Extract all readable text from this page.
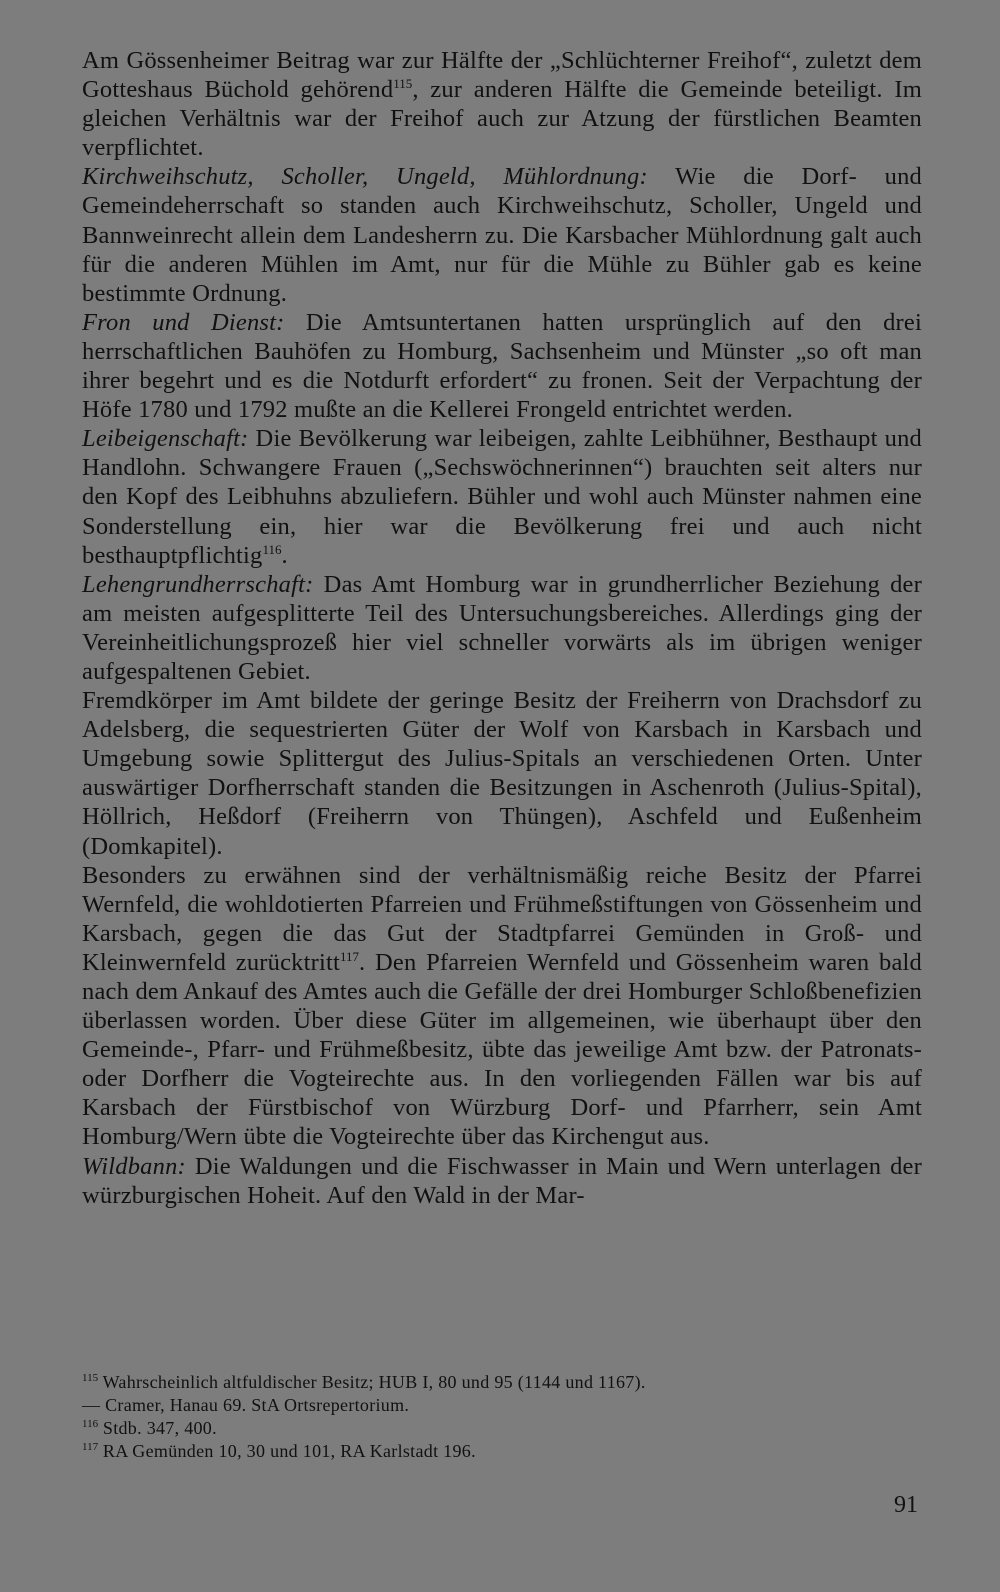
Am Gössenheimer Beitrag war zur Hälfte der „Schlüchterner Freihof“, zuletzt dem Gotteshaus Büchold gehörend$^{115}$, zur anderen Hälfte die Gemeinde beteiligt. Im gleichen Verhältnis war der Freihof auch zur Atzung der fürstlichen Beamten verpflichtet.

Kirchweihschutz, Scholler, Ungeld, Mühlordnung: Wie die Dorf- und Gemeindeherrschaft so standen auch Kirchweihschutz, Scholler, Ungeld und Bannweinrecht allein dem Landesherrn zu. Die Karsbacher Mühlordnung galt auch für die anderen Mühlen im Amt, nur für die Mühle zu Bühler gab es keine bestimmte Ordnung.

Fron und Dienst: Die Amtsuntertanen hatten ursprünglich auf den drei herrschaftlichen Bauhöfen zu Homburg, Sachsenheim und Münster „so oft man ihrer begehrt und es die Notdurft erfordert“ zu fronen. Seit der Verpachtung der Höfe 1780 und 1792 mußte an die Kellerei Frongeld entrichtet werden.

Leibeigenschaft: Die Bevölkerung war leibeigen, zahlte Leibhühner, Besthaupt und Handlohn. Schwangere Frauen („Sechswöchnerinnen“) brauchten seit alters nur den Kopf des Leibhuhns abzuliefern. Bühler und wohl auch Münster nahmen eine Sonderstellung ein, hier war die Bevölkerung frei und auch nicht besthauptpflichtig$^{116}$.

Lehengrundherrschaft: Das Amt Homburg war in grundherrlicher Beziehung der am meisten aufgesplitterte Teil des Untersuchungsbereiches. Allerdings ging der Vereinheitlichungsprozeß hier viel schneller vorwärts als im übrigen weniger aufgespaltenen Gebiet.

Fremdkörper im Amt bildete der geringe Besitz der Freiherrn von Drachsdorf zu Adelsberg, die sequestrierten Güter der Wolf von Karsbach in Karsbach und Umgebung sowie Splittergut des Julius-Spitals an verschiedenen Orten. Unter auswärtiger Dorfherrschaft standen die Besitzungen in Aschenroth (Julius-Spital), Höllrich, Heßdorf (Freiherrn von Thüngen), Aschfeld und Eußenheim (Domkapitel).

Besonders zu erwähnen sind der verhältnismäßig reiche Besitz der Pfarrei Wernfeld, die wohldotierten Pfarreien und Frühmeßstiftungen von Gössenheim und Karsbach, gegen die das Gut der Stadtpfarrei Gemünden in Groß- und Kleinwernfeld zurücktritt$^{117}$. Den Pfarreien Wernfeld und Gössenheim waren bald nach dem Ankauf des Amtes auch die Gefälle der drei Homburger Schloßbenefizien überlassen worden. Über diese Güter im allgemeinen, wie überhaupt über den Gemeinde-, Pfarr- und Frühmeßbesitz, übte das jeweilige Amt bzw. der Patronats- oder Dorfherr die Vogteirechte aus. In den vorliegenden Fällen war bis auf Karsbach der Fürstbischof von Würzburg Dorf- und Pfarrherr, sein Amt Homburg/Wern übte die Vogteirechte über das Kirchengut aus.

Wildbann: Die Waldungen und die Fischwasser in Main und Wern unterlagen der würzburgischen Hoheit. Auf den Wald in der Mar-

$^{115}$ Wahrscheinlich altfuldischer Besitz; HUB I, 80 und 95 (1144 und 1167).

— Cramer, Hanau 69. StA Ortsrepertorium.

$^{116}$ Stdb. 347, 400.

$^{117}$ RA Gemünden 10, 30 und 101, RA Karlstadt 196.

91
